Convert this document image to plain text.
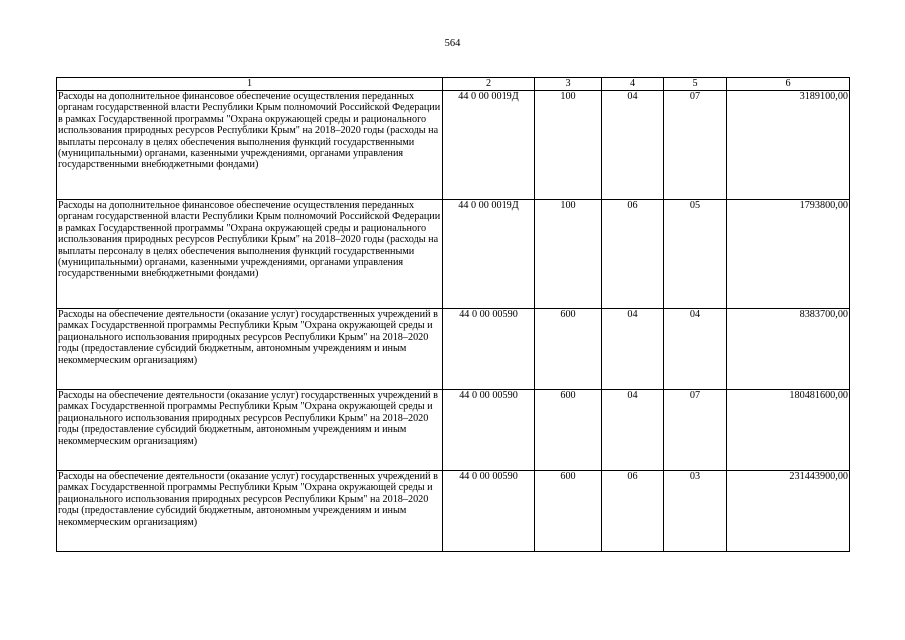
564
1	2	3	4	5	6
Расходы на дополнительное финансовое обеспечение осуществления переданных органам государственной власти Республики Крым полномочий Российской Федерации в рамках Государственной программы "Охрана окружающей среды и рационального использования природных ресурсов Республики Крым" на 2018–2020 годы (расходы на выплаты персоналу в целях обеспечения выполнения функций государственными (муниципальными) органами, казенными учреждениями, органами управления государственными внебюджетными фондами)	44 0 00 0019Д	100	04	07	3189100,00
Расходы на дополнительное финансовое обеспечение осуществления переданных органам государственной власти Республики Крым полномочий Российской Федерации в рамках Государственной программы "Охрана окружающей среды и рационального использования природных ресурсов Республики Крым" на 2018–2020 годы (расходы на выплаты персоналу в целях обеспечения выполнения функций государственными (муниципальными) органами, казенными учреждениями, органами управления государственными внебюджетными фондами)	44 0 00 0019Д	100	06	05	1793800,00
Расходы на обеспечение деятельности (оказание услуг) государственных учреждений в рамках Государственной программы Республики Крым "Охрана окружающей среды и рационального использования природных ресурсов Республики Крым" на 2018–2020 годы (предоставление субсидий бюджетным, автономным учреждениям и иным некоммерческим организациям)	44 0 00 00590	600	04	04	8383700,00
Расходы на обеспечение деятельности (оказание услуг) государственных учреждений в рамках Государственной программы Республики Крым "Охрана окружающей среды и рационального использования природных ресурсов Республики Крым" на 2018–2020 годы (предоставление субсидий бюджетным, автономным учреждениям и иным некоммерческим организациям)	44 0 00 00590	600	04	07	180481600,00
Расходы на обеспечение деятельности (оказание услуг) государственных учреждений в рамках Государственной программы Республики Крым "Охрана окружающей среды и рационального использования природных ресурсов Республики Крым" на 2018–2020 годы (предоставление субсидий бюджетным, автономным учреждениям и иным некоммерческим организациям)	44 0 00 00590	600	06	03	231443900,00
